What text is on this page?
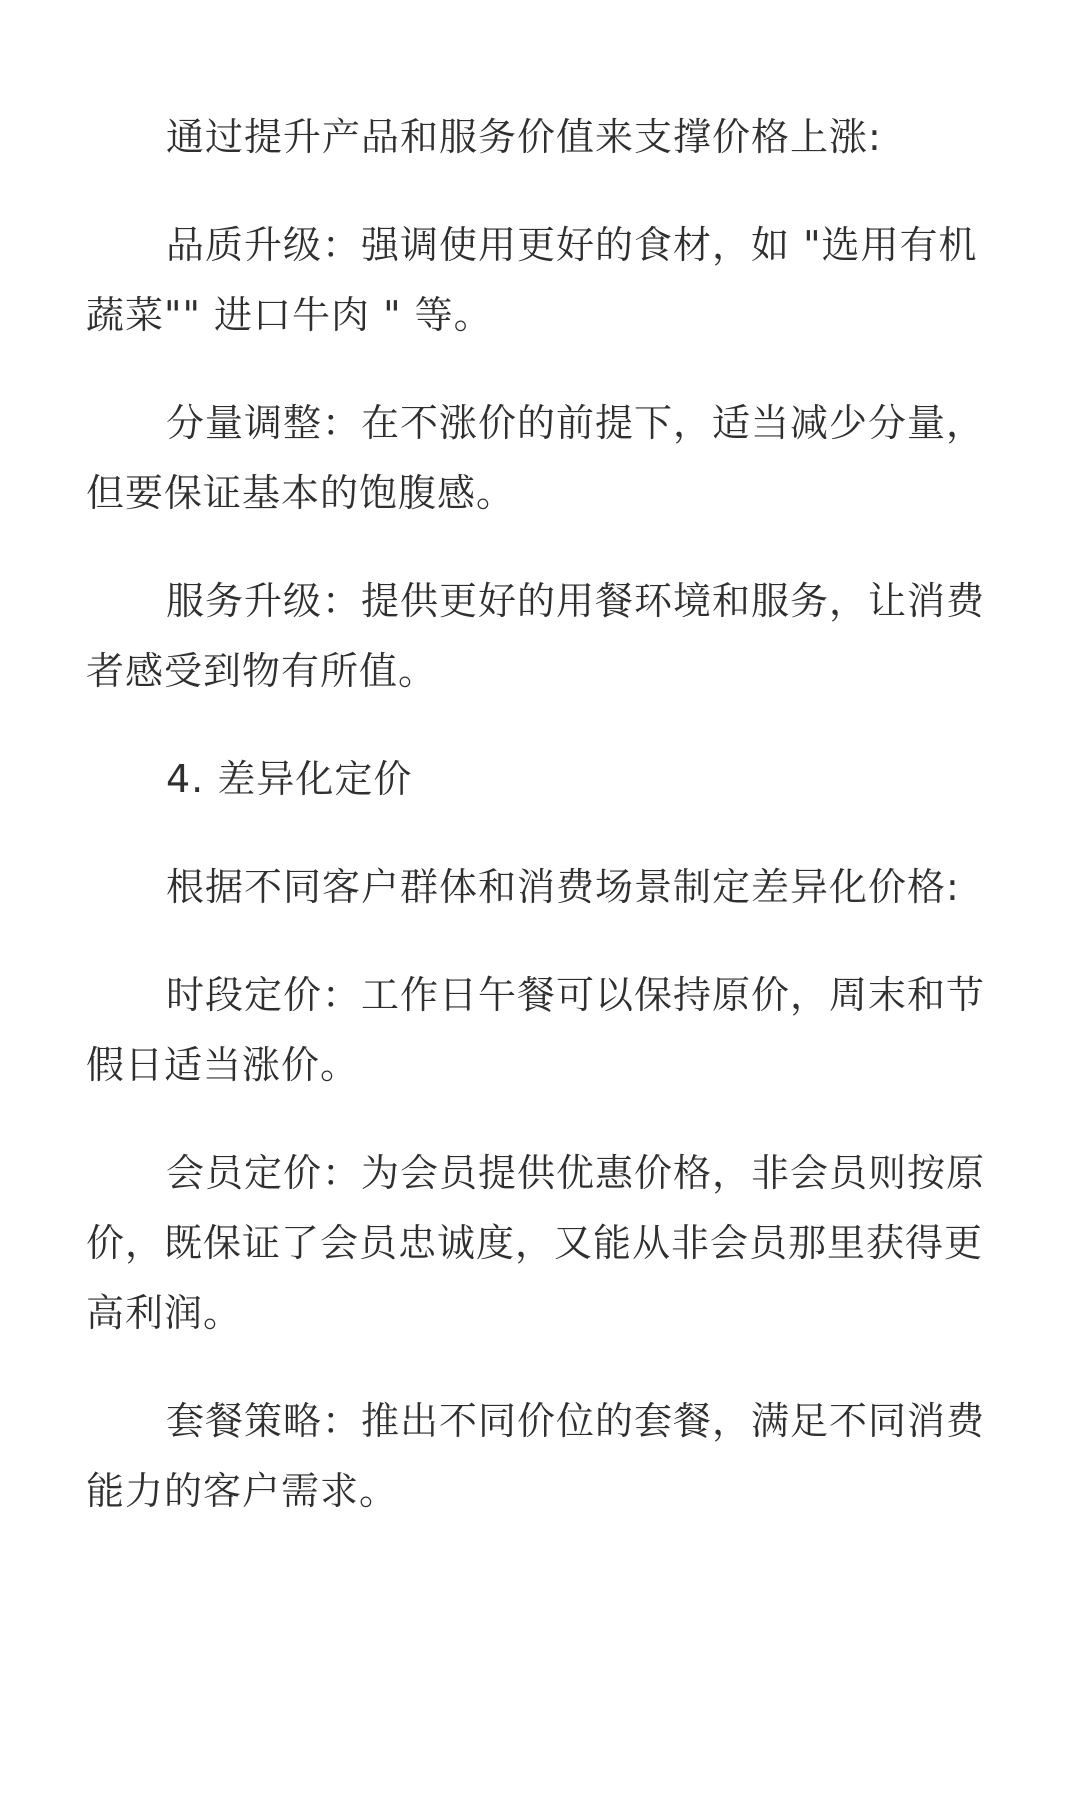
通过提升产品和服务价值来支撑价格上涨:

品质升级：强调使用更好的食材，如 "选用有机蔬菜"" 进口牛肉 " 等。

分量调整：在不涨价的前提下，适当减少分量，但要保证基本的饱腹感。

服务升级：提供更好的用餐环境和服务，让消费者感受到物有所值。

4. 差异化定价

根据不同客户群体和消费场景制定差异化价格:

时段定价：工作日午餐可以保持原价，周末和节假日适当涨价。

会员定价：为会员提供优惠价格，非会员则按原价，既保证了会员忠诚度，又能从非会员那里获得更高利润。

套餐策略：推出不同价位的套餐，满足不同消费能力的客户需求。
